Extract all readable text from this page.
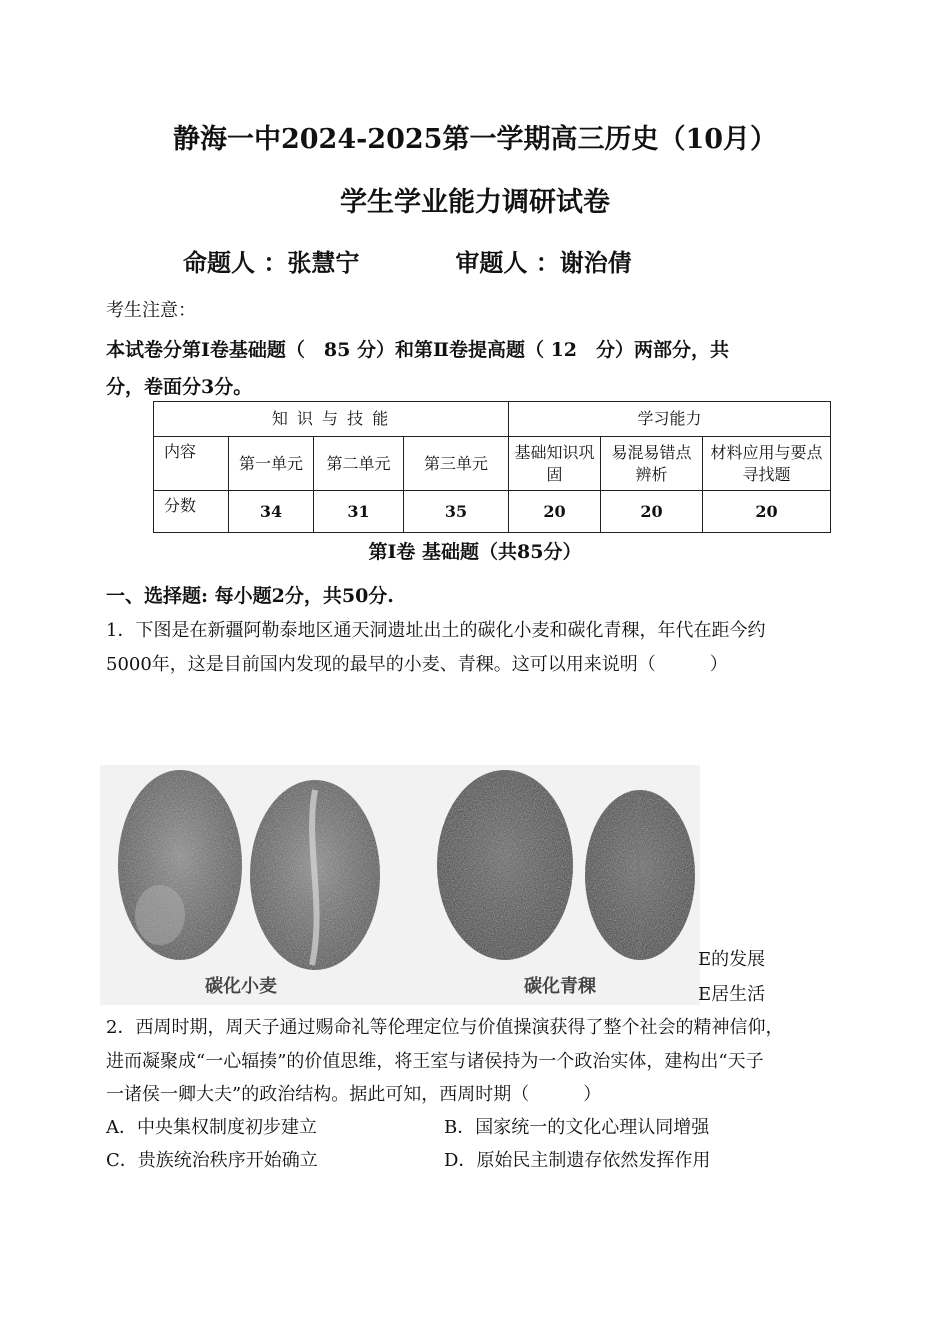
静海一中2024-2025第一学期高三历史（10月）
学生学业能力调研试卷
命题人 ：张慧宁　　　　审题人 ：谢治倩
考生注意：
本试卷分第Ⅰ卷基础题（　85 分）和第Ⅱ卷提高题（ 12　分）两部分，共
分，卷面分3分。
知 识 与 技 能				学习能力		
内容	第一单元	第二单元	第三单元	基础知识巩固	易混易错点辨析	材料应用与要点寻找题
分数	34	31	35	20	20	20
第Ⅰ卷 基础题（共85分）
一、选择题: 每小题2分，共50分.
1．下图是在新疆阿勒泰地区通天洞遗址出土的碳化小麦和碳化青稞，年代在距今约
5000年，这是目前国内发现的最早的小麦、青稞。这可以用来说明（　　　）
碳化小麦	碳化青稞
E的发展
E居生活
2．西周时期，周天子通过赐命礼等伦理定位与价值操演获得了整个社会的精神信仰，
进而凝聚成“一心辐揍”的价值思维，将王室与诸侯持为一个政治实体，建构出“天子
一诸侯一卿大夫”的政治结构。据此可知，西周时期（　　　）
A．中央集权制度初步建立	B．国家统一的文化心理认同增强
C．贵族统治秩序开始确立	D．原始民主制遗存依然发挥作用
